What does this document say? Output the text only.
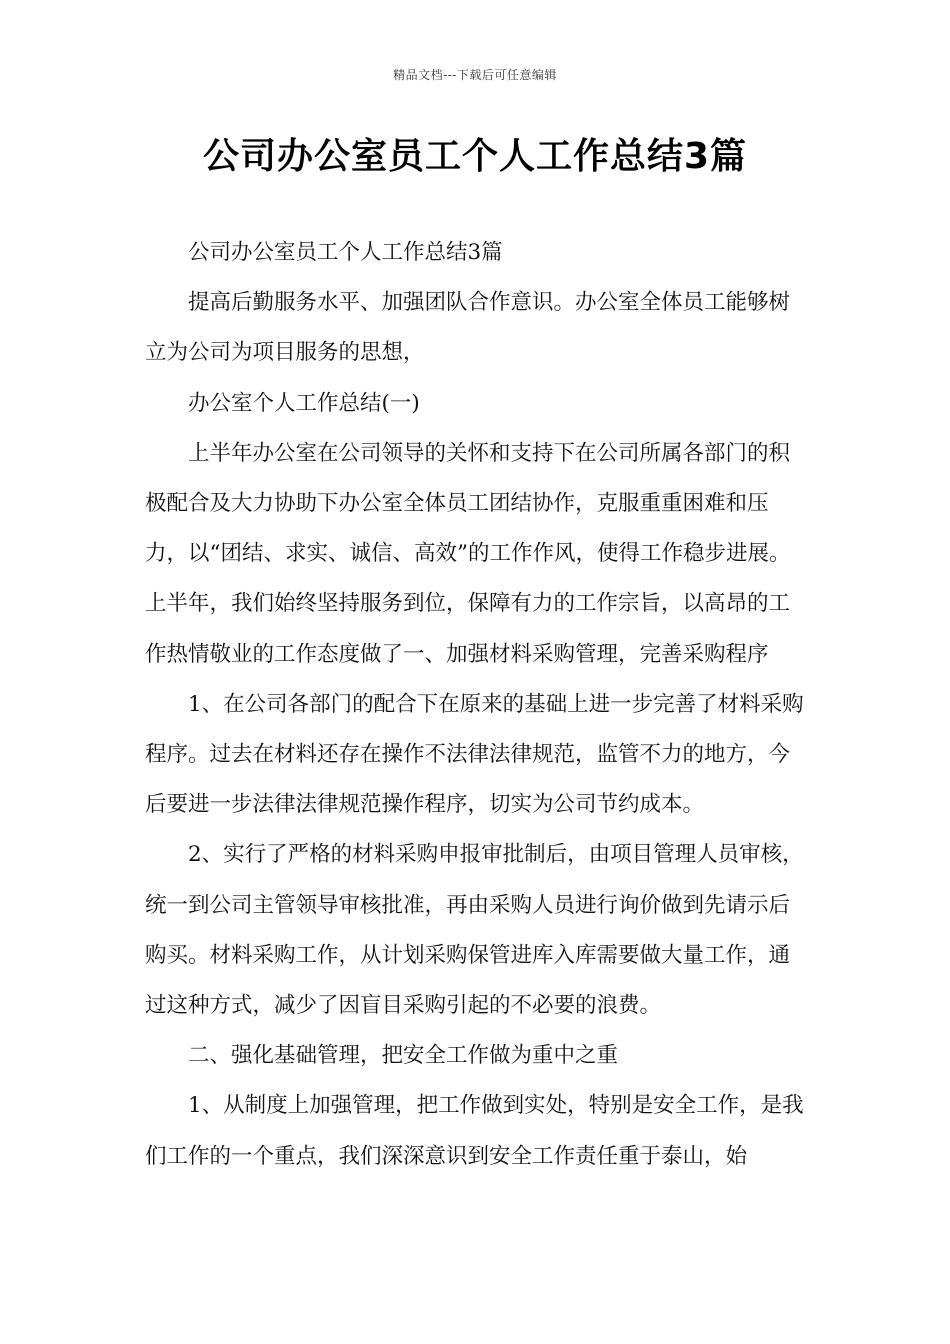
精品文档---下载后可任意编辑
公司办公室员工个人工作总结3篇

公司办公室员工个人工作总结3篇

提高后勤服务水平、加强团队合作意识。办公室全体员工能够树立为公司为项目服务的思想，

办公室个人工作总结(一)

上半年办公室在公司领导的关怀和支持下在公司所属各部门的积极配合及大力协助下办公室全体员工团结协作，克服重重困难和压力，以“团结、求实、诚信、高效”的工作作风，使得工作稳步进展。上半年，我们始终坚持服务到位，保障有力的工作宗旨，以高昂的工作热情敬业的工作态度做了一、加强材料采购管理，完善采购程序

1、在公司各部门的配合下在原来的基础上进一步完善了材料采购程序。过去在材料还存在操作不法律法律规范，监管不力的地方，今后要进一步法律法律规范操作程序，切实为公司节约成本。

2、实行了严格的材料采购申报审批制后，由项目管理人员审核，统一到公司主管领导审核批准，再由采购人员进行询价做到先请示后购买。材料采购工作，从计划采购保管进库入库需要做大量工作，通过这种方式，减少了因盲目采购引起的不必要的浪费。

二、强化基础管理，把安全工作做为重中之重

1、从制度上加强管理，把工作做到实处，特别是安全工作，是我们工作的一个重点，我们深深意识到安全工作责任重于泰山，始
